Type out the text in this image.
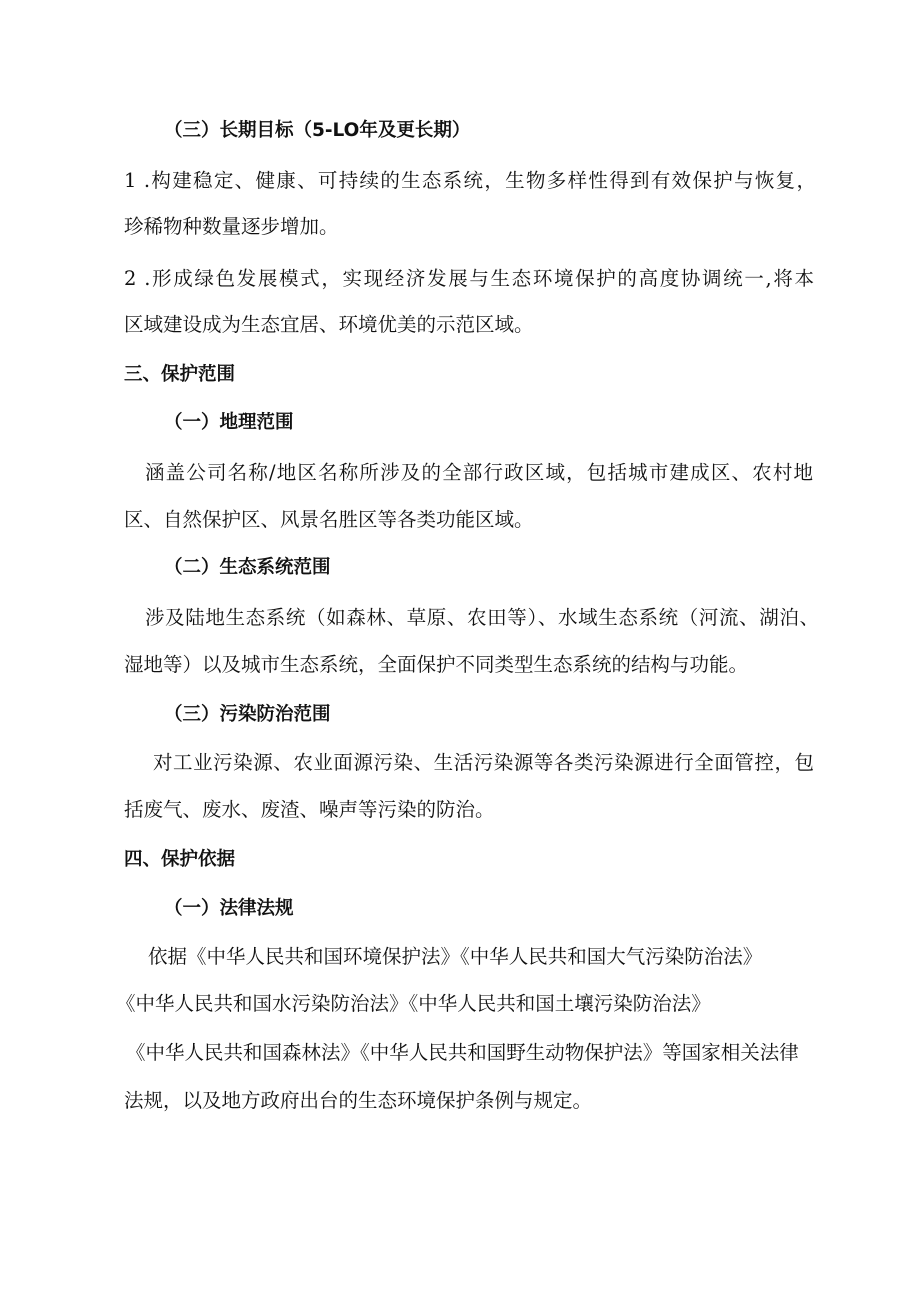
（三）长期目标（5-LO年及更长期）

1 .构建稳定、健康、可持续的生态系统，生物多样性得到有效保护与恢复，

珍稀物种数量逐步增加。

2 .形成绿色发展模式，实现经济发展与生态环境保护的高度协调统一,将本

区域建设成为生态宜居、环境优美的示范区域。

三、保护范围

（一）地理范围

涵盖公司名称/地区名称所涉及的全部行政区域，包括城市建成区、农村地

区、自然保护区、风景名胜区等各类功能区域。

（二）生态系统范围

涉及陆地生态系统（如森林、草原、农田等）、水域生态系统（河流、湖泊、

湿地等）以及城市生态系统，全面保护不同类型生态系统的结构与功能。

（三）污染防治范围

对工业污染源、农业面源污染、生活污染源等各类污染源进行全面管控，包

括废气、废水、废渣、噪声等污染的防治。

四、保护依据

（一）法律法规

依据《中华人民共和国环境保护法》《中华人民共和国大气污染防治法》

《中华人民共和国水污染防治法》《中华人民共和国土壤污染防治法》

《中华人民共和国森林法》《中华人民共和国野生动物保护法》等国家相关法律

法规，以及地方政府出台的生态环境保护条例与规定。
